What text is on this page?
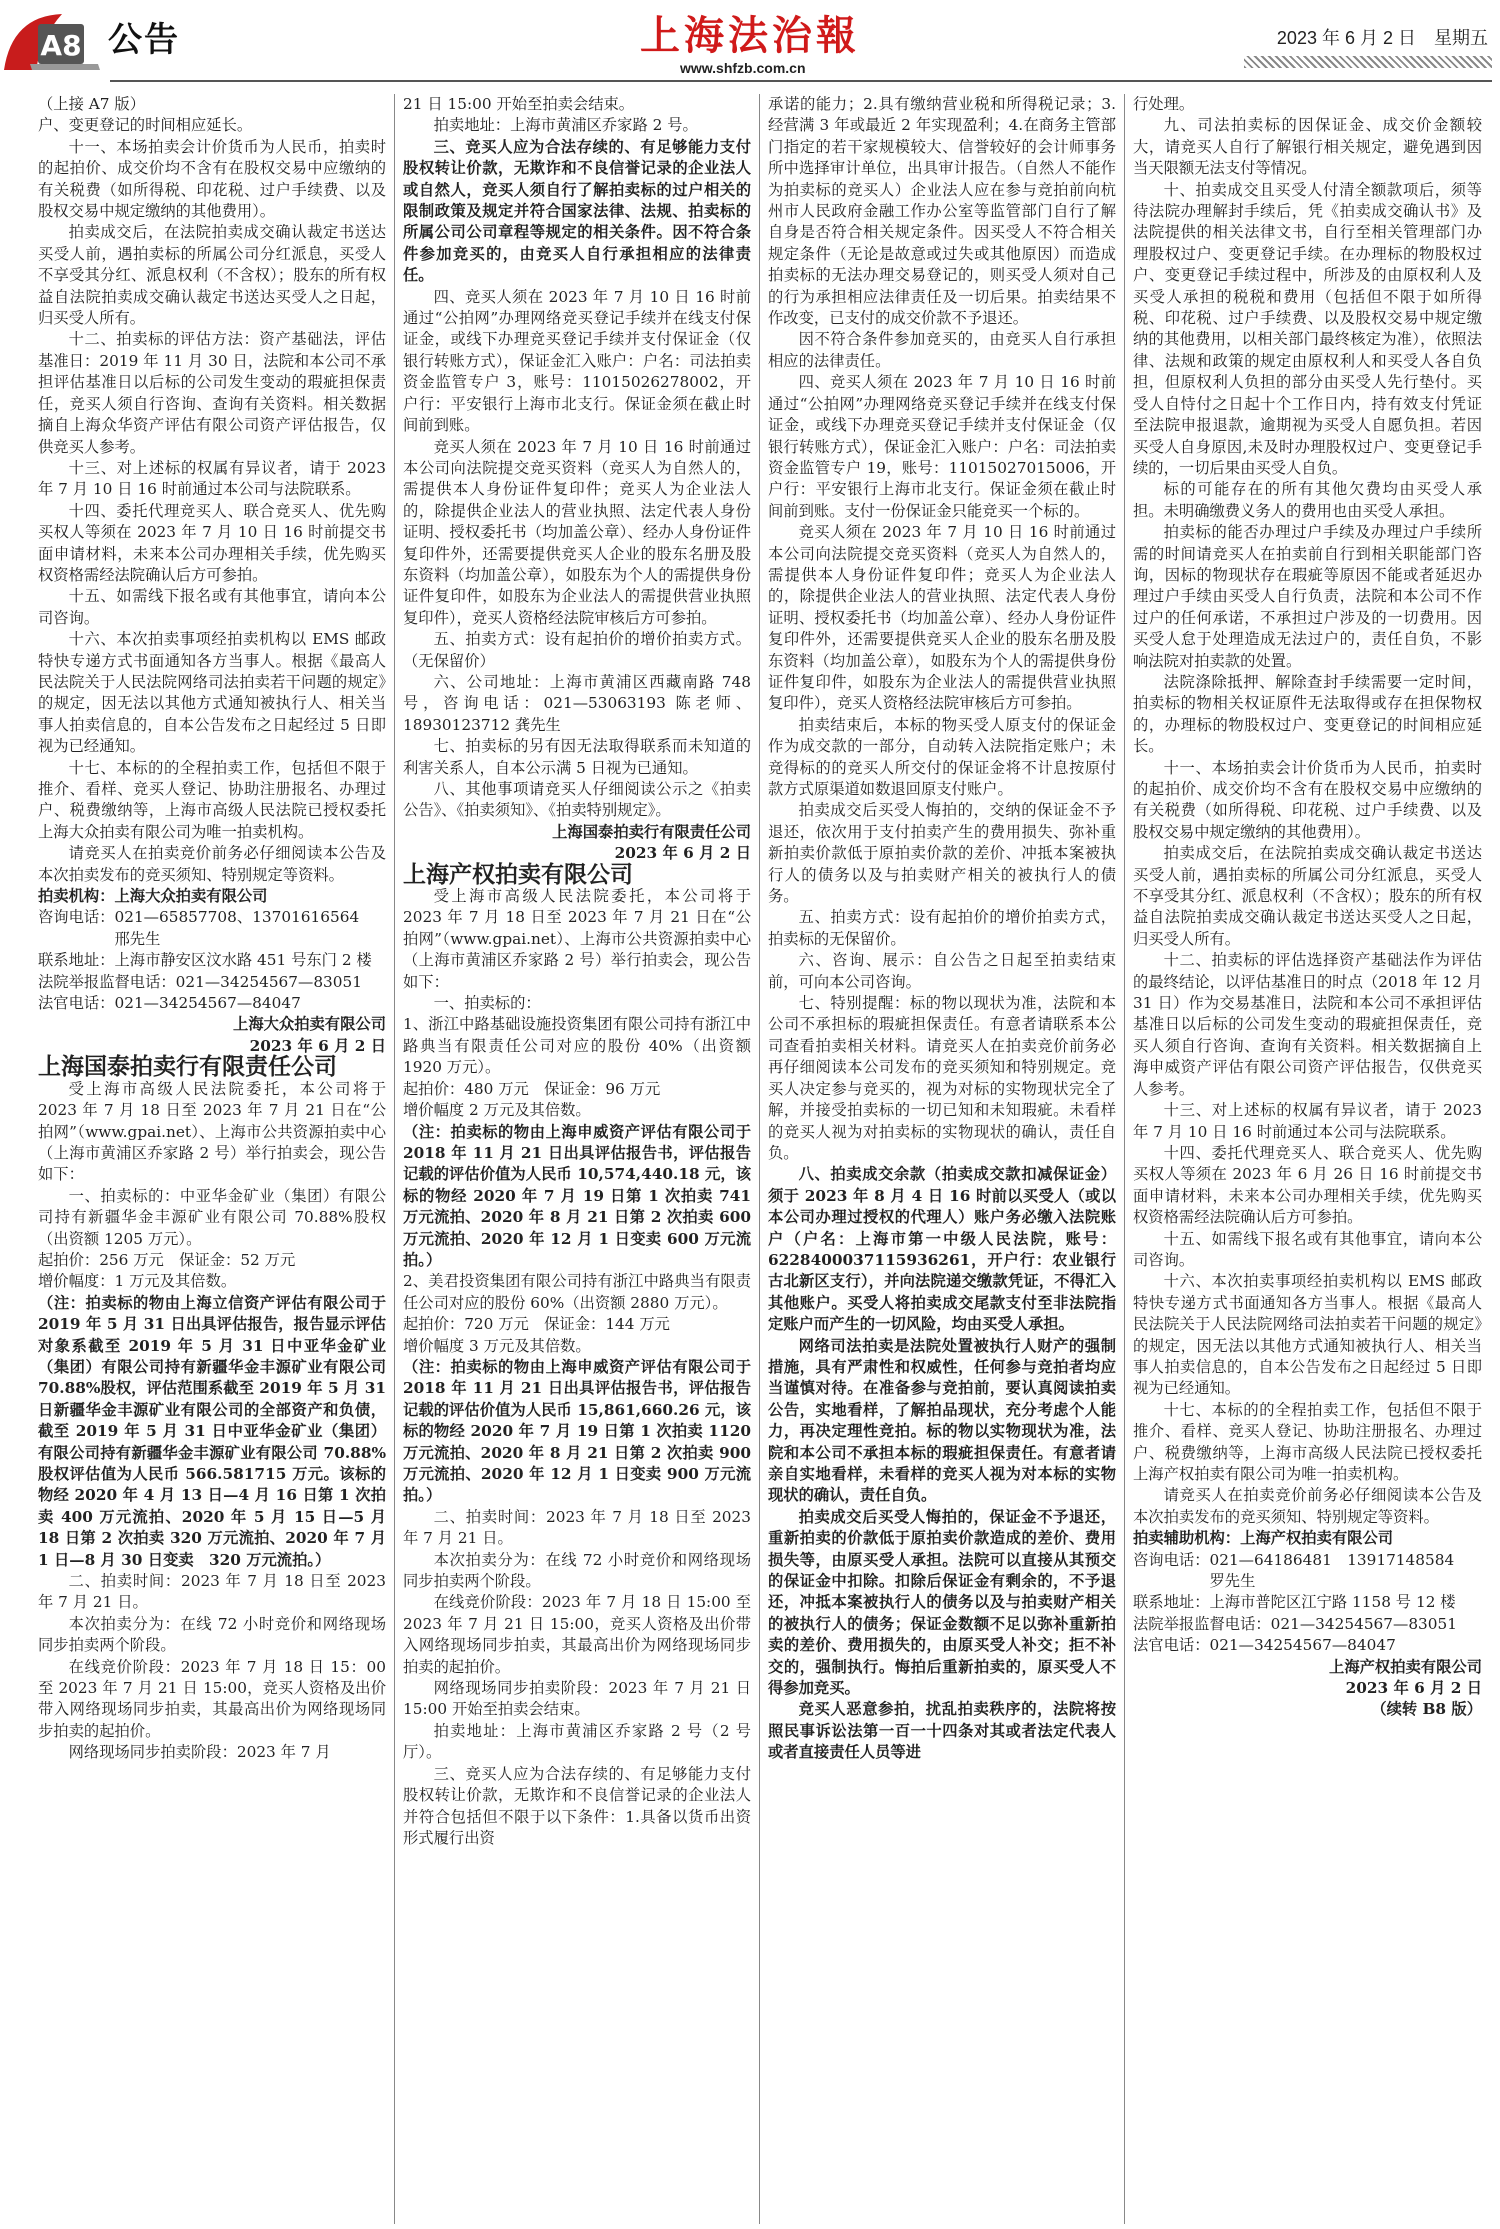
A8 公告	上海法治報
www.shfzb.com.cn
2023 年 6 月 2 日　星期五

（上接 A7 版）

户、变更登记的时间相应延长。

十一、本场拍卖会计价货币为人民币，拍卖时的起拍价、成交价均不含有在股权交易中应缴纳的有关税费（如所得税、印花税、过户手续费、以及股权交易中规定缴纳的其他费用）。

拍卖成交后，在法院拍卖成交确认裁定书送达买受人前，遇拍卖标的所属公司分红派息，买受人不享受其分红、派息权利（不含权）；股东的所有权益自法院拍卖成交确认裁定书送达买受人之日起，归买受人所有。

十二、拍卖标的评估方法：资产基础法，评估基准日：2019 年 11 月 30 日，法院和本公司不承担评估基准日以后标的公司发生变动的瑕疵担保责任，竞买人须自行咨询、查询有关资料。相关数据摘自上海众华资产评估有限公司资产评估报告，仅供竞买人参考。

十三、对上述标的权属有异议者，请于 2023 年 7 月 10 日 16 时前通过本公司与法院联系。

十四、委托代理竞买人、联合竞买人、优先购买权人等须在 2023 年 7 月 10 日 16 时前提交书面申请材料，未来本公司办理相关手续，优先购买权资格需经法院确认后方可参拍。

十五、如需线下报名或有其他事宜，请向本公司咨询。

十六、本次拍卖事项经拍卖机构以 EMS 邮政特快专递方式书面通知各方当事人。根据《最高人民法院关于人民法院网络司法拍卖若干问题的规定》的规定，因无法以其他方式通知被执行人、相关当事人拍卖信息的，自本公告发布之日起经过 5 日即视为已经通知。

十七、本标的的全程拍卖工作，包括但不限于推介、看样、竞买人登记、协助注册报名、办理过户、税费缴纳等，上海市高级人民法院已授权委托上海大众拍卖有限公司为唯一拍卖机构。

请竞买人在拍卖竞价前务必仔细阅读本公告及本次拍卖发布的竞买须知、特别规定等资料。

拍卖机构：上海大众拍卖有限公司

咨询电话：021—65857708、13701616564

　　　　　邢先生

联系地址：上海市静安区汶水路 451 号东门 2 楼

法院举报监督电话：021—34254567—83051

法官电话：021—34254567—84047

上海大众拍卖有限公司

2023 年 6 月 2 日

上海国泰拍卖行有限责任公司

受上海市高级人民法院委托，本公司将于 2023 年 7 月 18 日至 2023 年 7 月 21 日在“公拍网”（www.gpai.net）、上海市公共资源拍卖中心（上海市黄浦区乔家路 2 号）举行拍卖会，现公告如下：

一、拍卖标的：中亚华金矿业（集团）有限公司持有新疆华金丰源矿业有限公司 70.88%股权（出资额 1205 万元）。

起拍价：256 万元　保证金：52 万元

增价幅度：1 万元及其倍数。

（注：拍卖标的物由上海立信资产评估有限公司于 2019 年 5 月 31 日出具评估报告，报告显示评估对象系截至 2019 年 5 月 31 日中亚华金矿业（集团）有限公司持有新疆华金丰源矿业有限公司 70.88%股权，评估范围系截至 2019 年 5 月 31 日新疆华金丰源矿业有限公司的全部资产和负债，截至 2019 年 5 月 31 日中亚华金矿业（集团）有限公司持有新疆华金丰源矿业有限公司 70.88%股权评估值为人民币 566.581715 万元。该标的物经 2020 年 4 月 13 日—4 月 16 日第 1 次拍卖 400 万元流拍、2020 年 5 月 15 日—5 月 18 日第 2 次拍卖 320 万元流拍、2020 年 7 月 1 日—8 月 30 日变卖　320 万元流拍。）

二、拍卖时间：2023 年 7 月 18 日至 2023 年 7 月 21 日。

本次拍卖分为：在线 72 小时竞价和网络现场同步拍卖两个阶段。

在线竞价阶段：2023 年 7 月 18 日 15：00 至 2023 年 7 月 21 日 15:00，竞买人资格及出价带入网络现场同步拍卖，其最高出价为网络现场同步拍卖的起拍价。

网络现场同步拍卖阶段：2023 年 7 月

21 日 15:00 开始至拍卖会结束。

拍卖地址：上海市黄浦区乔家路 2 号。

三、竞买人应为合法存续的、有足够能力支付股权转让价款，无欺诈和不良信誉记录的企业法人或自然人，竞买人须自行了解拍卖标的过户相关的限制政策及规定并符合国家法律、法规、拍卖标的所属公司公司章程等规定的相关条件。因不符合条件参加竞买的，由竞买人自行承担相应的法律责任。

四、竞买人须在 2023 年 7 月 10 日 16 时前通过“公拍网”办理网络竞买登记手续并在线支付保证金，或线下办理竞买登记手续并支付保证金（仅银行转账方式），保证金汇入账户：户名：司法拍卖资金监管专户 3，账号：11015026278002，开户行：平安银行上海市北支行。保证金须在截止时间前到账。

竞买人须在 2023 年 7 月 10 日 16 时前通过本公司向法院提交竞买资料（竞买人为自然人的，需提供本人身份证件复印件；竞买人为企业法人的，除提供企业法人的营业执照、法定代表人身份证明、授权委托书（均加盖公章）、经办人身份证件复印件外，还需要提供竞买人企业的股东名册及股东资料（均加盖公章），如股东为个人的需提供身份证件复印件，如股东为企业法人的需提供营业执照复印件），竞买人资格经法院审核后方可参拍。

五、拍卖方式：设有起拍价的增价拍卖方式。（无保留价）

六、公司地址：上海市黄浦区西藏南路 748 号，咨询电话：021—53063193 陈老师、18930123712 龚先生

七、拍卖标的另有因无法取得联系而未知道的利害关系人，自本公示满 5 日视为已通知。

八、其他事项请竞买人仔细阅读公示之《拍卖公告》、《拍卖须知》、《拍卖特别规定》。

上海国泰拍卖行有限责任公司

2023 年 6 月 2 日

上海产权拍卖有限公司

受上海市高级人民法院委托，本公司将于 2023 年 7 月 18 日至 2023 年 7 月 21 日在“公拍网”（www.gpai.net）、上海市公共资源拍卖中心（上海市黄浦区乔家路 2 号）举行拍卖会，现公告如下：

一、拍卖标的：

1、浙江中路基础设施投资集团有限公司持有浙江中路典当有限责任公司对应的股份 40%（出资额 1920 万元）。

起拍价：480 万元　保证金：96 万元

增价幅度 2 万元及其倍数。

（注：拍卖标的物由上海申威资产评估有限公司于 2018 年 11 月 21 日出具评估报告书，评估报告记载的评估价值为人民币 10,574,440.18 元，该标的物经 2020 年 7 月 19 日第 1 次拍卖 741 万元流拍、2020 年 8 月 21 日第 2 次拍卖 600 万元流拍、2020 年 12 月 1 日变卖 600 万元流拍。）

2、美君投资集团有限公司持有浙江中路典当有限责任公司对应的股份 60%（出资额 2880 万元）。

起拍价：720 万元　保证金：144 万元

增价幅度 3 万元及其倍数。

（注：拍卖标的物由上海申威资产评估有限公司于 2018 年 11 月 21 日出具评估报告书，评估报告记载的评估价值为人民币 15,861,660.26 元，该标的物经 2020 年 7 月 19 日第 1 次拍卖 1120 万元流拍、2020 年 8 月 21 日第 2 次拍卖 900 万元流拍、2020 年 12 月 1 日变卖 900 万元流拍。）

二、拍卖时间：2023 年 7 月 18 日至 2023 年 7 月 21 日。

本次拍卖分为：在线 72 小时竞价和网络现场同步拍卖两个阶段。

在线竞价阶段：2023 年 7 月 18 日 15:00 至 2023 年 7 月 21 日 15:00，竞买人资格及出价带入网络现场同步拍卖，其最高出价为网络现场同步拍卖的起拍价。

网络现场同步拍卖阶段：2023 年 7 月 21 日 15:00 开始至拍卖会结束。

拍卖地址：上海市黄浦区乔家路 2 号（2 号厅）。

三、竞买人应为合法存续的、有足够能力支付股权转让价款，无欺诈和不良信誉记录的企业法人并符合包括但不限于以下条件：1.具备以货币出资形式履行出资

承诺的能力；2.具有缴纳营业税和所得税记录；3.经营满 3 年或最近 2 年实现盈利；4.在商务主管部门指定的若干家规模较大、信誉较好的会计师事务所中选择审计单位，出具审计报告。（自然人不能作为拍卖标的竞买人）企业法人应在参与竞拍前向杭州市人民政府金融工作办公室等监管部门自行了解自身是否符合相关规定条件。因买受人不符合相关规定条件（无论是故意或过失或其他原因）而造成拍卖标的无法办理交易登记的，则买受人须对自己的行为承担相应法律责任及一切后果。拍卖结果不作改变，已支付的成交价款不予退还。

因不符合条件参加竞买的，由竞买人自行承担相应的法律责任。

四、竞买人须在 2023 年 7 月 10 日 16 时前通过“公拍网”办理网络竞买登记手续并在线支付保证金，或线下办理竞买登记手续并支付保证金（仅银行转账方式），保证金汇入账户：户名：司法拍卖资金监管专户 19，账号：11015027015006，开户行：平安银行上海市北支行。保证金须在截止时间前到账。支付一份保证金只能竞买一个标的。

竞买人须在 2023 年 7 月 10 日 16 时前通过本公司向法院提交竞买资料（竞买人为自然人的，需提供本人身份证件复印件；竞买人为企业法人的，除提供企业法人的营业执照、法定代表人身份证明、授权委托书（均加盖公章）、经办人身份证件复印件外，还需要提供竞买人企业的股东名册及股东资料（均加盖公章），如股东为个人的需提供身份证件复印件，如股东为企业法人的需提供营业执照复印件），竞买人资格经法院审核后方可参拍。

拍卖结束后，本标的物买受人原支付的保证金作为成交款的一部分，自动转入法院指定账户；未竞得标的的竞买人所交付的保证金将不计息按原付款方式原渠道如数退回原支付账户。

拍卖成交后买受人悔拍的，交纳的保证金不予退还，依次用于支付拍卖产生的费用损失、弥补重新拍卖价款低于原拍卖价款的差价、冲抵本案被执行人的债务以及与拍卖财产相关的被执行人的债务。

五、拍卖方式：设有起拍价的增价拍卖方式，拍卖标的无保留价。

六、咨询、展示：自公告之日起至拍卖结束前，可向本公司咨询。

七、特别提醒：标的物以现状为准，法院和本公司不承担标的瑕疵担保责任。有意者请联系本公司查看拍卖相关材料。请竞买人在拍卖竞价前务必再仔细阅读本公司发布的竞买须知和特别规定。竞买人决定参与竞买的，视为对标的实物现状完全了解，并接受拍卖标的一切已知和未知瑕疵。未看样的竞买人视为对拍卖标的实物现状的确认，责任自负。

八、拍卖成交余款（拍卖成交款扣减保证金）须于 2023 年 8 月 4 日 16 时前以买受人（或以本公司办理过授权的代理人）账户务必缴入法院账户（户名：上海市第一中级人民法院，账号：6228400037115936261，开户行：农业银行古北新区支行），并向法院递交缴款凭证，不得汇入其他账户。买受人将拍卖成交尾款支付至非法院指定账户而产生的一切风险，均由买受人承担。

网络司法拍卖是法院处置被执行人财产的强制措施，具有严肃性和权威性，任何参与竞拍者均应当谨慎对待。在准备参与竞拍前，要认真阅读拍卖公告，实地看样，了解拍品现状，充分考虑个人能力，再决定理性竞拍。标的物以实物现状为准，法院和本公司不承担本标的瑕疵担保责任。有意者请亲自实地看样，未看样的竞买人视为对本标的实物现状的确认，责任自负。

拍卖成交后买受人悔拍的，保证金不予退还，重新拍卖的价款低于原拍卖价款造成的差价、费用损失等，由原买受人承担。法院可以直接从其预交的保证金中扣除。扣除后保证金有剩余的，不予退还，冲抵本案被执行人的债务以及与拍卖财产相关的被执行人的债务；保证金数额不足以弥补重新拍卖的差价、费用损失的，由原买受人补交；拒不补交的，强制执行。悔拍后重新拍卖的，原买受人不得参加竞买。

竞买人恶意参拍，扰乱拍卖秩序的，法院将按照民事诉讼法第一百一十四条对其或者法定代表人或者直接责任人员等进

行处理。

九、司法拍卖标的因保证金、成交价金额较大，请竞买人自行了解银行相关规定，避免遇到因当天限额无法支付等情况。

十、拍卖成交且买受人付清全额款项后，须等待法院办理解封手续后，凭《拍卖成交确认书》及法院提供的相关法律文书，自行至相关管理部门办理股权过户、变更登记手续。在办理标的物股权过户、变更登记手续过程中，所涉及的由原权利人及买受人承担的税税和费用（包括但不限于如所得税、印花税、过户手续费、以及股权交易中规定缴纳的其他费用，以相关部门最终核定为准），依照法律、法规和政策的规定由原权利人和买受人各自负担，但原权利人负担的部分由买受人先行垫付。买受人自恃付之日起十个工作日内，持有效支付凭证至法院申报退款，逾期视为买受人自愿负担。若因买受人自身原因,未及时办理股权过户、变更登记手续的，一切后果由买受人自负。

标的可能存在的所有其他欠费均由买受人承担。未明确缴费义务人的费用也由买受人承担。

拍卖标的能否办理过户手续及办理过户手续所需的时间请竞买人在拍卖前自行到相关职能部门咨询，因标的物现状存在瑕疵等原因不能或者延迟办理过户手续由买受人自行负责，法院和本公司不作过户的任何承诺，不承担过户涉及的一切费用。因买受人怠于处理造成无法过户的，责任自负，不影响法院对拍卖款的处置。

法院涤除抵押、解除查封手续需要一定时间，拍卖标的物相关权证原件无法取得或存在担保物权的，办理标的物股权过户、变更登记的时间相应延长。

十一、本场拍卖会计价货币为人民币，拍卖时的起拍价、成交价均不含有在股权交易中应缴纳的有关税费（如所得税、印花税、过户手续费、以及股权交易中规定缴纳的其他费用）。

拍卖成交后，在法院拍卖成交确认裁定书送达买受人前，遇拍卖标的所属公司分红派息，买受人不享受其分红、派息权利（不含权）；股东的所有权益自法院拍卖成交确认裁定书送达买受人之日起，归买受人所有。

十二、拍卖标的评估选择资产基础法作为评估的最终结论，以评估基准日的时点（2018 年 12 月 31 日）作为交易基准日，法院和本公司不承担评估基准日以后标的公司发生变动的瑕疵担保责任，竞买人须自行咨询、查询有关资料。相关数据摘自上海申威资产评估有限公司资产评估报告，仅供竞买人参考。

十三、对上述标的权属有异议者，请于 2023 年 7 月 10 日 16 时前通过本公司与法院联系。

十四、委托代理竞买人、联合竞买人、优先购买权人等须在 2023 年 6 月 26 日 16 时前提交书面申请材料，未来本公司办理相关手续，优先购买权资格需经法院确认后方可参拍。

十五、如需线下报名或有其他事宜，请向本公司咨询。

十六、本次拍卖事项经拍卖机构以 EMS 邮政特快专递方式书面通知各方当事人。根据《最高人民法院关于人民法院网络司法拍卖若干问题的规定》的规定，因无法以其他方式通知被执行人、相关当事人拍卖信息的，自本公告发布之日起经过 5 日即视为已经通知。

十七、本标的的全程拍卖工作，包括但不限于推介、看样、竞买人登记、协助注册报名、办理过户、税费缴纳等，上海市高级人民法院已授权委托上海产权拍卖有限公司为唯一拍卖机构。

请竞买人在拍卖竞价前务必仔细阅读本公告及本次拍卖发布的竞买须知、特别规定等资料。

拍卖辅助机构：上海产权拍卖有限公司

咨询电话：021—64186481　13917148584

　　　　　罗先生

联系地址：上海市普陀区江宁路 1158 号 12 楼

法院举报监督电话：021—34254567—83051

法官电话：021—34254567—84047

上海产权拍卖有限公司

2023 年 6 月 2 日

（续转 B8 版）
